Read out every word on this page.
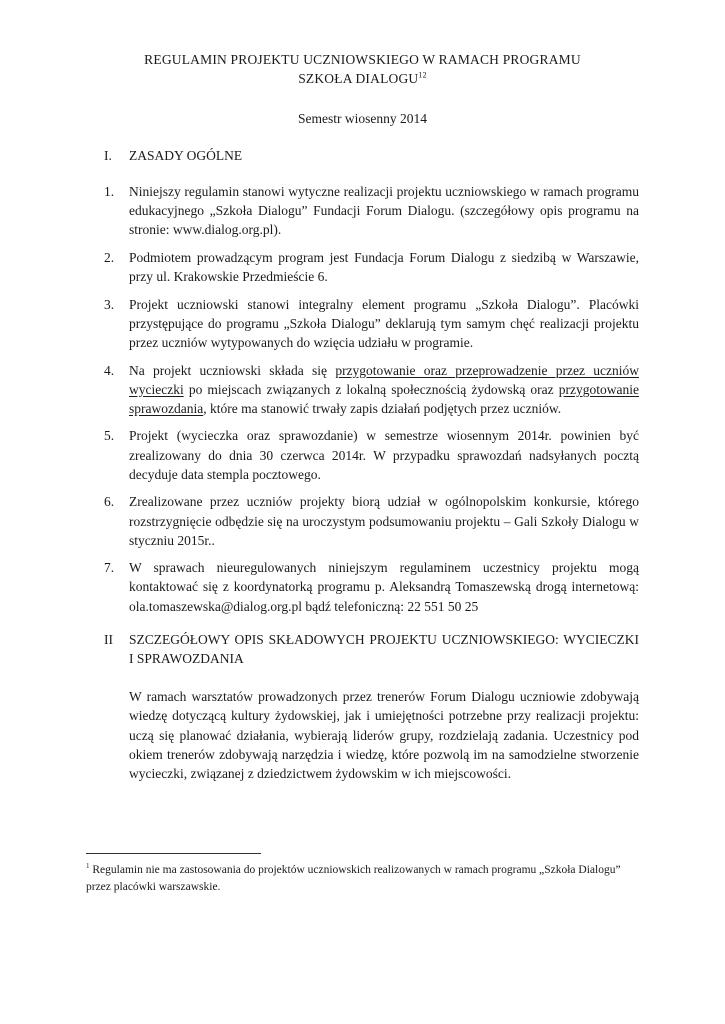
REGULAMIN PROJEKTU UCZNIOWSKIEGO W RAMACH PROGRAMU
SZKOŁA DIALOGU$^{12}$
Semestr wiosenny 2014
I.	ZASADY OGÓLNE
1.	Niniejszy regulamin stanowi wytyczne realizacji projektu uczniowskiego w ramach programu edukacyjnego „Szkoła Dialogu” Fundacji Forum Dialogu. (szczegółowy opis programu na stronie: www.dialog.org.pl).
2.	Podmiotem prowadzącym program jest Fundacja Forum Dialogu z siedzibą w Warszawie, przy ul. Krakowskie Przedmieście 6.
3.	Projekt uczniowski stanowi integralny element programu „Szkoła Dialogu”. Placówki przystępujące do programu „Szkoła Dialogu” deklarują tym samym chęć realizacji projektu przez uczniów wytypowanych do wzięcia udziału w programie.
4.	Na projekt uczniowski składa się przygotowanie oraz przeprowadzenie przez uczniów wycieczki po miejscach związanych z lokalną społecznością żydowską oraz przygotowanie sprawozdania, które ma stanowić trwały zapis działań podjętych przez uczniów.
5.	Projekt (wycieczka oraz sprawozdanie) w semestrze wiosennym 2014r. powinien być zrealizowany do dnia 30 czerwca 2014r. W przypadku sprawozdań nadsyłanych pocztą decyduje data stempla pocztowego.
6.	Zrealizowane przez uczniów projekty biorą udział w ogólnopolskim konkursie, którego rozstrzygnięcie odbędzie się na uroczystym podsumowaniu projektu – Gali Szkoły Dialogu w styczniu 2015r..
7.	W sprawach nieuregulowanych niniejszym regulaminem uczestnicy projektu mogą kontaktować się z koordynatorką programu p. Aleksandrą Tomaszewską drogą internetową: ola.tomaszewska@dialog.org.pl bądź telefoniczną: 22 551 50 25
II	SZCZEGÓŁOWY OPIS SKŁADOWYCH PROJEKTU UCZNIOWSKIEGO: WYCIECZKI I SPRAWOZDANIA

W ramach warsztatów prowadzonych przez trenerów Forum Dialogu uczniowie zdobywają wiedzę dotyczącą kultury żydowskiej, jak i umiejętności potrzebne przy realizacji projektu: uczą się planować działania, wybierają liderów grupy, rozdzielają zadania. Uczestnicy pod okiem trenerów zdobywają narzędzia i wiedzę, które pozwolą im na samodzielne stworzenie wycieczki, związanej z dziedzictwem żydowskim w ich miejscowości.

$^1$ Regulamin nie ma zastosowania do projektów uczniowskich realizowanych w ramach programu „Szkoła Dialogu” przez placówki warszawskie.
